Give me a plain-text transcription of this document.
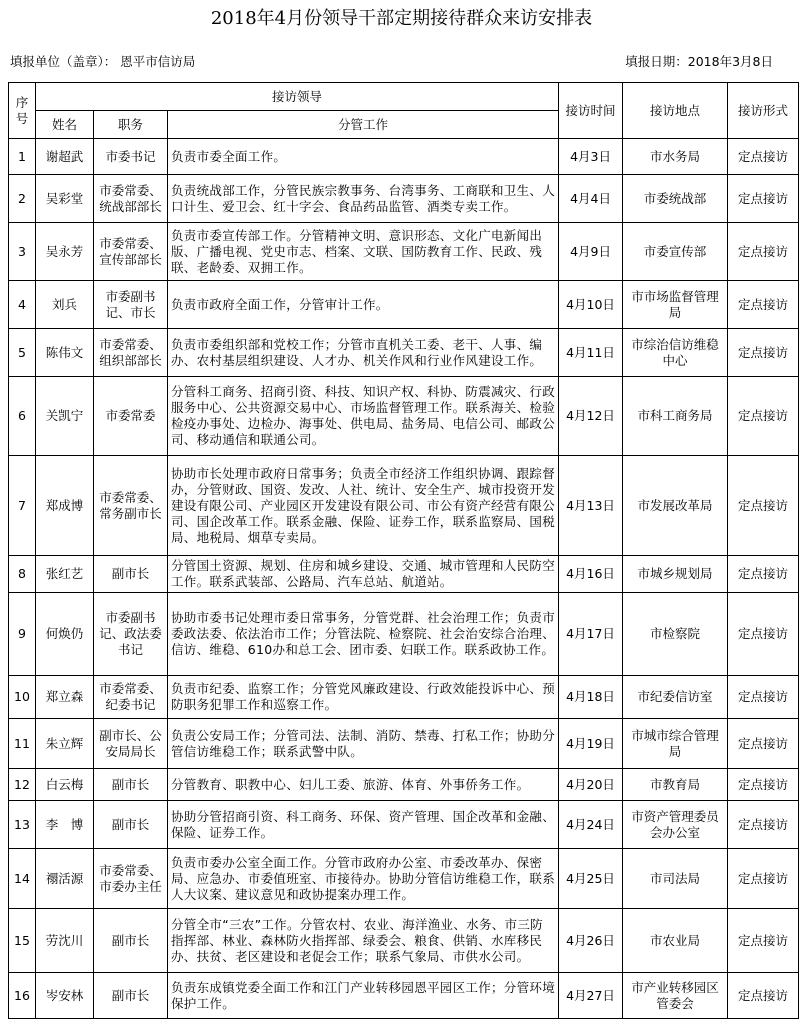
2018年4月份领导干部定期接待群众来访安排表
填报单位（盖章）： 恩平市信访局	填报日期：2018年3月8日
序号	接访领导			接访时间	接访地点	接访形式
	姓名	职务	分管工作			
1	谢超武	市委书记	负责市委全面工作。	4月3日	市水务局	定点接访
2	吴彩堂	市委常委、统战部部长	负责统战部工作，分管民族宗教事务、台湾事务、工商联和卫生、人口计生、爱卫会、红十字会、食品药品监管、酒类专卖工作。	4月4日	市委统战部	定点接访
3	吴永芳	市委常委、宣传部部长	负责市委宣传部工作。分管精神文明、意识形态、文化广电新闻出版、广播电视、党史市志、档案、文联、国防教育工作、民政、残联、老龄委、双拥工作。	4月9日	市委宣传部	定点接访
4	刘兵	市委副书记、市长	负责市政府全面工作，分管审计工作。	4月10日	市市场监督管理局	定点接访
5	陈伟文	市委常委、组织部部长	负责市委组织部和党校工作；分管市直机关工委、老干、人事、编办、农村基层组织建设、人才办、机关作风和行业作风建设工作。	4月11日	市综治信访维稳中心	定点接访
6	关凯宁	市委常委	分管科工商务、招商引资、科技、知识产权、科协、防震减灾、行政服务中心、公共资源交易中心、市场监督管理工作。联系海关、检验检疫办事处、边检办、海事处、供电局、盐务局、电信公司、邮政公司、移动通信和联通公司。	4月12日	市科工商务局	定点接访
7	郑成博	市委常委、常务副市长	协助市长处理市政府日常事务；负责全市经济工作组织协调、跟踪督办，分管财政、国资、发改、人社、统计、安全生产、城市投资开发建设有限公司、产业园区开发建设有限公司、市公有资产经营有限公司、国企改革工作。联系金融、保险、证券工作，联系监察局、国税局、地税局、烟草专卖局。	4月13日	市发展改革局	定点接访
8	张红艺	副市长	分管国土资源、规划、住房和城乡建设、交通、城市管理和人民防空工作。联系武装部、公路局、汽车总站、航道站。	4月16日	市城乡规划局	定点接访
9	何焕仍	市委副书记、政法委书记	协助市委书记处理市委日常事务，分管党群、社会治理工作；负责市委政法委、依法治市工作；分管法院、检察院、社会治安综合治理、信访、维稳、610办和总工会、团市委、妇联工作。联系政协工作。	4月17日	市检察院	定点接访
10	郑立森	市委常委、纪委书记	负责市纪委、监察工作；分管党风廉政建设、行政效能投诉中心、预防职务犯罪工作和巡察工作。	4月18日	市纪委信访室	定点接访
11	朱立辉	副市长、公安局局长	负责公安局工作；分管司法、法制、消防、禁毒、打私工作；协助分管信访维稳工作；联系武警中队。	4月19日	市城市综合管理局	定点接访
12	白云梅	副市长	分管教育、职教中心、妇儿工委、旅游、体育、外事侨务工作。	4月20日	市教育局	定点接访
13	李　博	副市长	协助分管招商引资、科工商务、环保、资产管理、国企改革和金融、保险、证券工作。	4月24日	市资产管理委员会办公室	定点接访
14	禤活源	市委常委、市委办主任	负责市委办公室全面工作。分管市政府办公室、市委改革办、保密局、应急办、市委值班室、市接待办。协助分管信访维稳工作，联系人大议案、建议意见和政协提案办理工作。	4月25日	市司法局	定点接访
15	劳沈川	副市长	分管全市“三农”工作。分管农村、农业、海洋渔业、水务、市三防指挥部、林业、森林防火指挥部、绿委会、粮食、供销、水库移民办、扶贫、老区建设和老促会工作；联系气象局、市供水公司。	4月26日	市农业局	定点接访
16	岑安林	副市长	负责东成镇党委全面工作和江门产业转移园恩平园区工作；分管环境保护工作。	4月27日	市产业转移园区管委会	定点接访
